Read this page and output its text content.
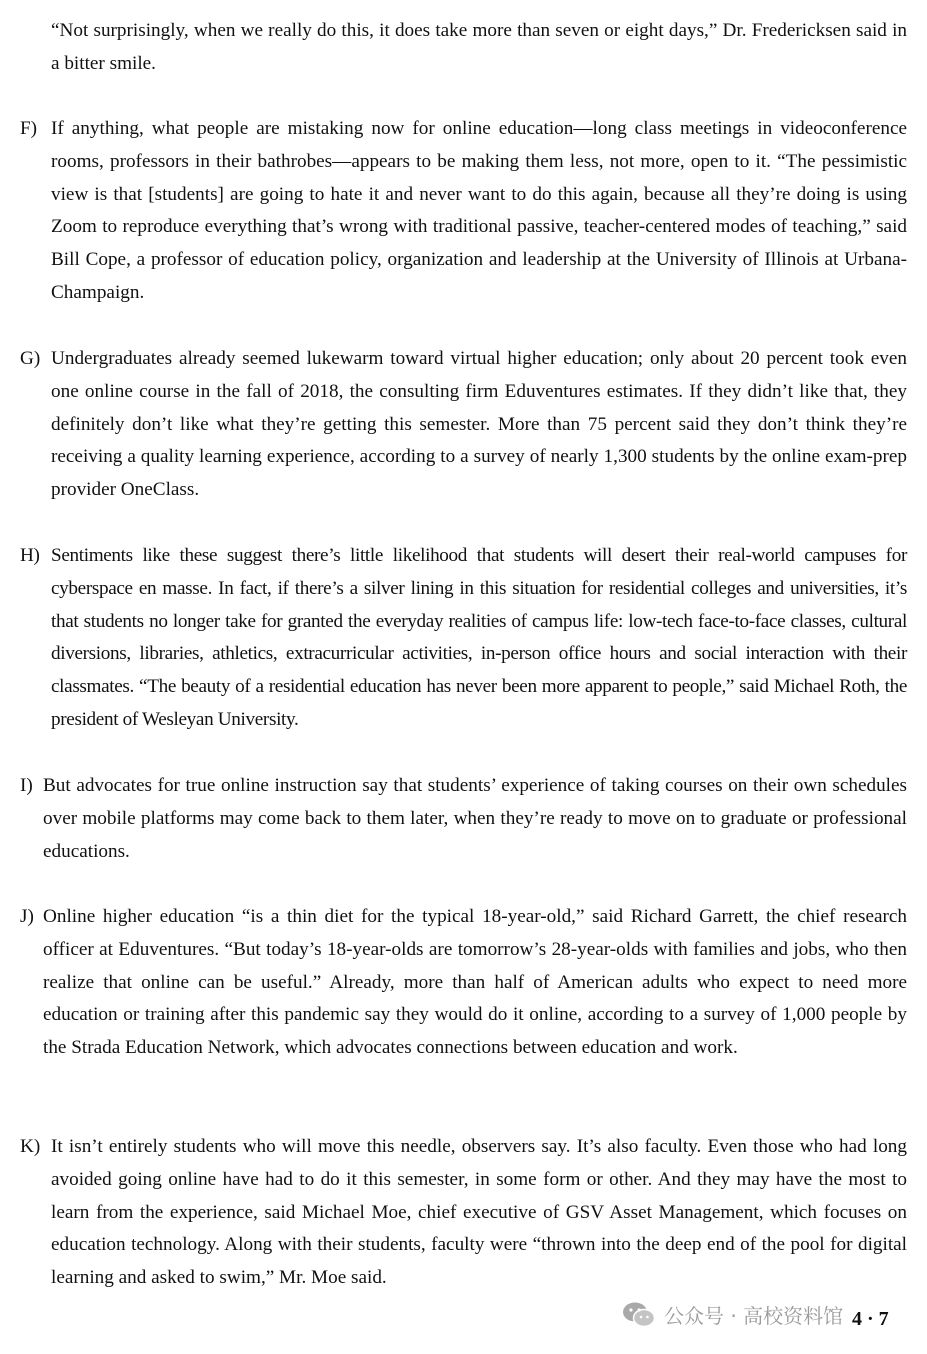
“Not surprisingly, when we really do this, it does take more than seven or eight days,” Dr. Fredericksen said in a bitter smile.
F) If anything, what people are mistaking now for online education—long class meetings in videoconference rooms, professors in their bathrobes—appears to be making them less, not more, open to it. “The pessimistic view is that [students] are going to hate it and never want to do this again, because all they’re doing is using Zoom to reproduce everything that’s wrong with traditional passive, teacher-centered modes of teaching,” said Bill Cope, a professor of education policy, organization and leadership at the University of Illinois at Urbana-Champaign.
G) Undergraduates already seemed lukewarm toward virtual higher education; only about 20 percent took even one online course in the fall of 2018, the consulting firm Eduventures estimates. If they didn’t like that, they definitely don’t like what they’re getting this semester. More than 75 percent said they don’t think they’re receiving a quality learning experience, according to a survey of nearly 1,300 students by the online exam-prep provider OneClass.
H) Sentiments like these suggest there’s little likelihood that students will desert their real-world campuses for cyberspace en masse. In fact, if there’s a silver lining in this situation for residential colleges and universities, it’s that students no longer take for granted the everyday realities of campus life: low-tech face-to-face classes, cultural diversions, libraries, athletics, extracurricular activities, in-person office hours and social interaction with their classmates. “The beauty of a residential education has never been more apparent to people,” said Michael Roth, the president of Wesleyan University.
I) But advocates for true online instruction say that students’ experience of taking courses on their own schedules over mobile platforms may come back to them later, when they’re ready to move on to graduate or professional educations.
J) Online higher education “is a thin diet for the typical 18-year-old,” said Richard Garrett, the chief research officer at Eduventures. “But today’s 18-year-olds are tomorrow’s 28-year-olds with families and jobs, who then realize that online can be useful.” Already, more than half of American adults who expect to need more education or training after this pandemic say they would do it online, according to a survey of 1,000 people by the Strada Education Network, which advocates connections between education and work.
K) It isn’t entirely students who will move this needle, observers say. It’s also faculty. Even those who had long avoided going online have had to do it this semester, in some form or other. And they may have the most to learn from the experience, said Michael Moe, chief executive of GSV Asset Management, which focuses on education technology. Along with their students, faculty were “thrown into the deep end of the pool for digital learning and asked to swim,” Mr. Moe said.
公众号 · 高校资料馆 4 · 7
